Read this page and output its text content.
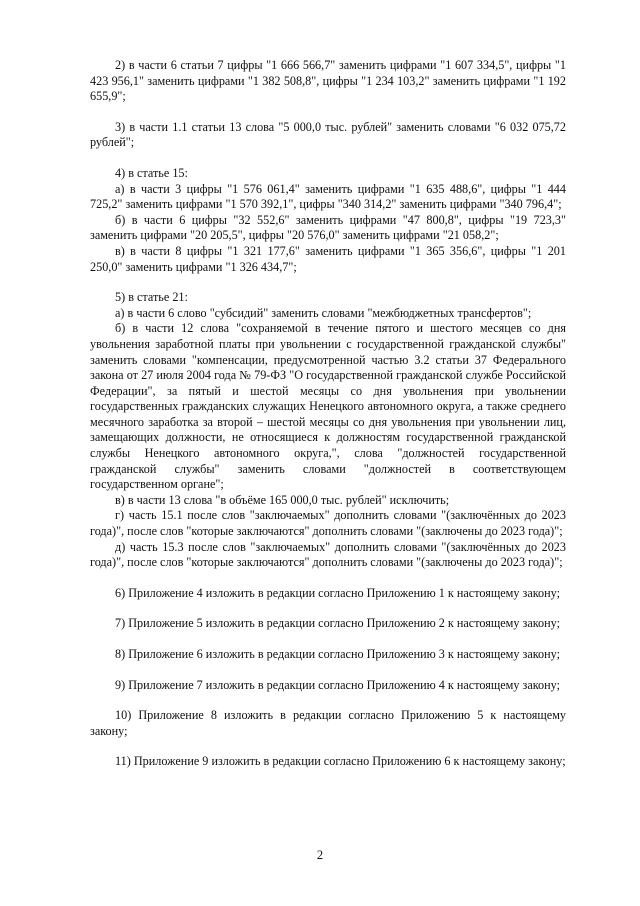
2) в части 6 статьи 7 цифры "1 666 566,7" заменить цифрами "1 607 334,5", цифры "1 423 956,1" заменить цифрами "1 382 508,8", цифры "1 234 103,2" заменить цифрами "1 192 655,9";

3) в части 1.1 статьи 13 слова "5 000,0 тыс. рублей" заменить словами "6 032 075,72 рублей";

4) в статье 15:

а) в части 3 цифры "1 576 061,4" заменить цифрами "1 635 488,6", цифры "1 444 725,2" заменить цифрами "1 570 392,1", цифры "340 314,2" заменить цифрами "340 796,4";

б) в части 6 цифры "32 552,6" заменить цифрами "47 800,8", цифры "19 723,3" заменить цифрами "20 205,5", цифры "20 576,0" заменить цифрами "21 058,2";

в) в части 8 цифры "1 321 177,6" заменить цифрами "1 365 356,6", цифры "1 201 250,0" заменить цифрами "1 326 434,7";

5) в статье 21:

а) в части 6 слово "субсидий" заменить словами "межбюджетных трансфертов";

б) в части 12 слова "сохраняемой в течение пятого и шестого месяцев со дня увольнения заработной платы при увольнении с государственной гражданской службы" заменить словами "компенсации, предусмотренной частью 3.2 статьи 37 Федерального закона от 27 июля 2004 года № 79-ФЗ "О государственной гражданской службе Российской Федерации", за пятый и шестой месяцы со дня увольнения при увольнении государственных гражданских служащих Ненецкого автономного округа, а также среднего месячного заработка за второй – шестой месяцы со дня увольнения при увольнении лиц, замещающих должности, не относящиеся к должностям государственной гражданской службы Ненецкого автономного округа,", слова "должностей государственной гражданской службы" заменить словами "должностей в соответствующем государственном органе";

в) в части 13 слова "в объёме 165 000,0 тыс. рублей" исключить;

г) часть 15.1 после слов "заключаемых" дополнить словами "(заключённых до 2023 года)", после слов "которые заключаются" дополнить словами "(заключены до 2023 года)";

д) часть 15.3 после слов "заключаемых" дополнить словами "(заключённых до 2023 года)", после слов "которые заключаются" дополнить словами "(заключены до 2023 года)";

6) Приложение 4 изложить в редакции согласно Приложению 1 к настоящему закону;

7) Приложение 5 изложить в редакции согласно Приложению 2 к настоящему закону;

8) Приложение 6 изложить в редакции согласно Приложению 3 к настоящему закону;

9) Приложение 7 изложить в редакции согласно Приложению 4 к настоящему закону;

10) Приложение 8 изложить в редакции согласно Приложению 5 к настоящему закону;

11) Приложение 9 изложить в редакции согласно Приложению 6 к настоящему закону;

2
